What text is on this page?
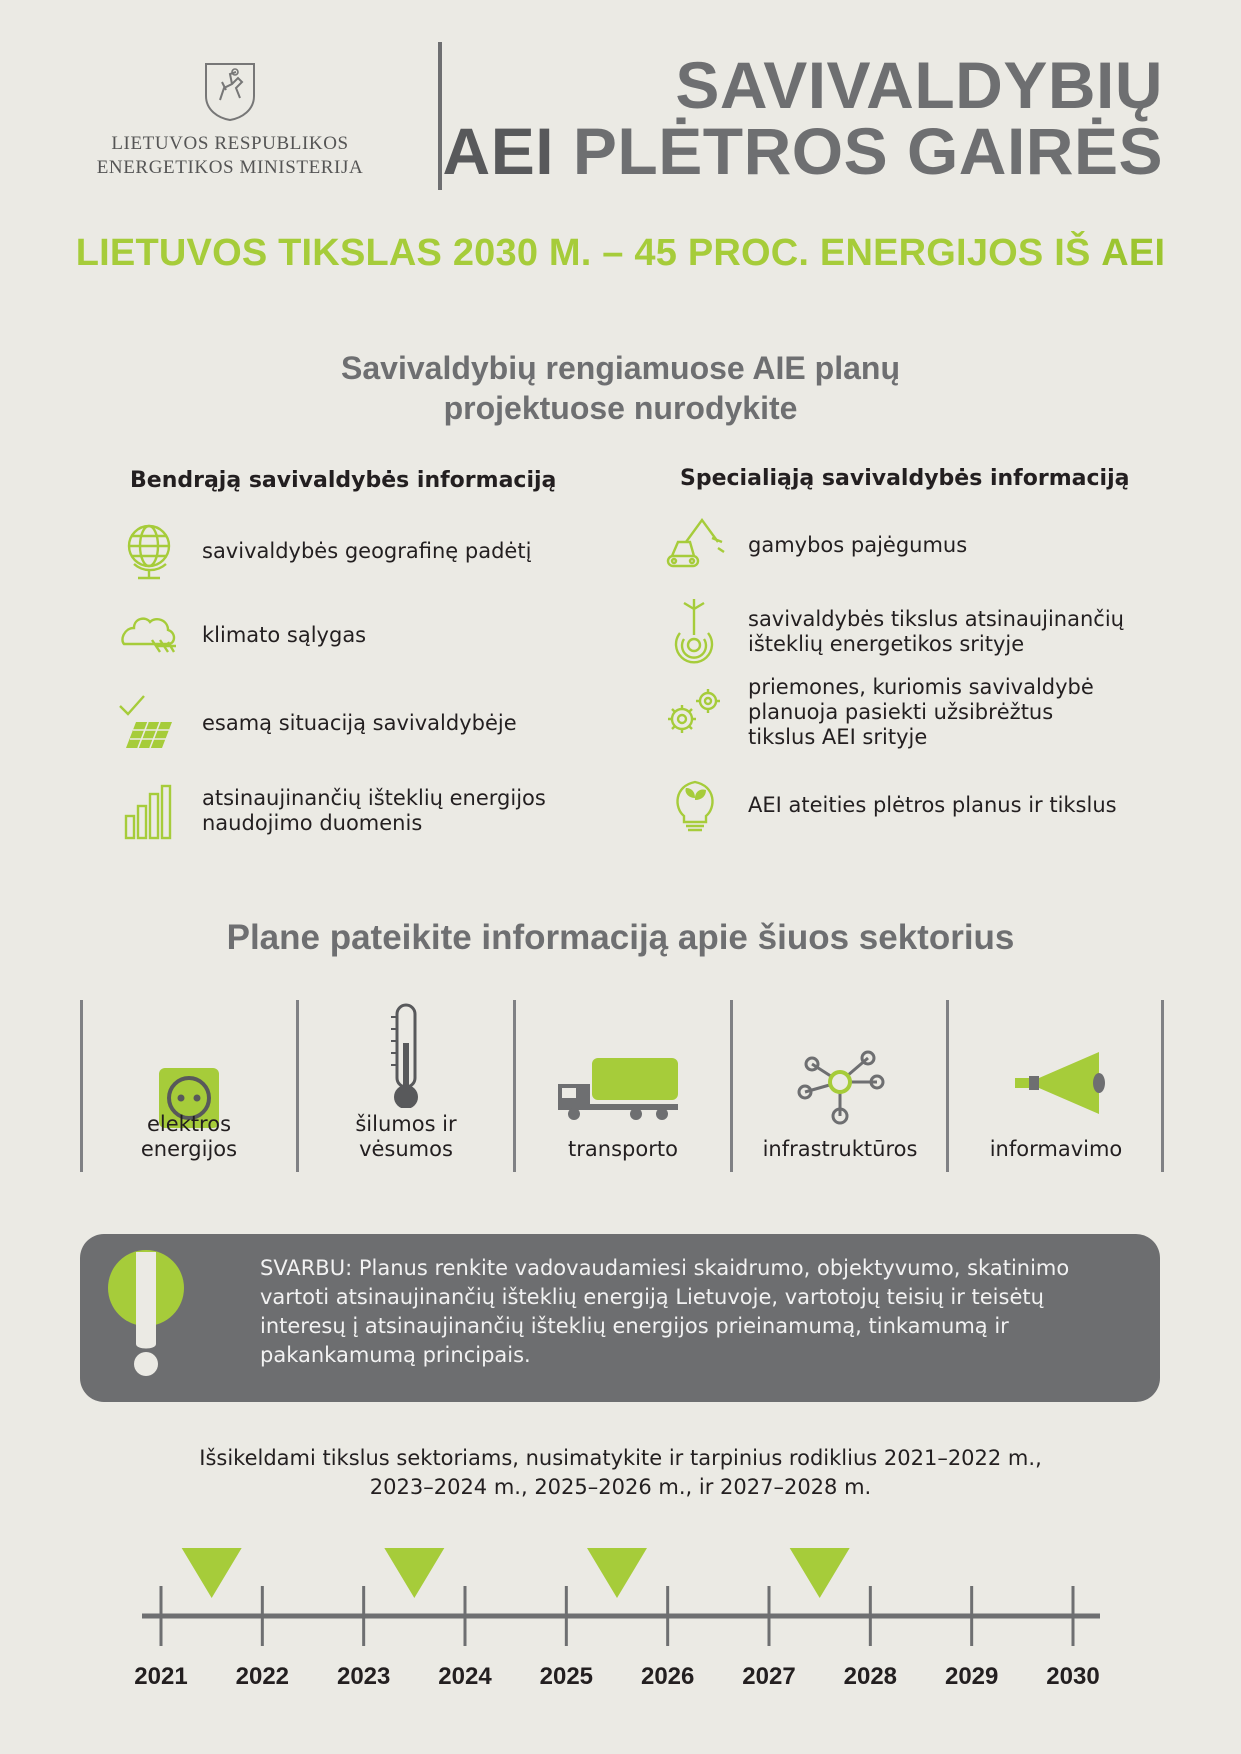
LIETUVOS RESPUBLIKOS
ENERGETIKOS MINISTERIJA
SAVIVALDYBIŲ
AEI PLĖTROS GAIRĖS
LIETUVOS TIKSLAS 2030 M. – 45 PROC. ENERGIJOS IŠ AEI
Savivaldybių rengiamuose AIE planų
projektuose nurodykite
Bendrąją savivaldybės informaciją
savivaldybės geografinę padėtį
klimato sąlygas
esamą situaciją savivaldybėje
atsinaujinančių išteklių energijos
naudojimo duomenis
Specialiąją savivaldybės informaciją
gamybos pajėgumus
savivaldybės tikslus atsinaujinančių
išteklių energetikos srityje
priemones, kuriomis savivaldybė
planuoja pasiekti užsibrėžtus
tikslus AEI srityje
AEI ateities plėtros planus ir tikslus
Plane pateikite informaciją apie šiuos sektorius
elektros
energijos
šilumos ir
vėsumos	transporto	infrastruktūros	informavimo
SVARBU: Planus renkite vadovaudamiesi skaidrumo, objektyvumo, skatinimo vartoti atsinaujinančių išteklių energiją Lietuvoje, vartotojų teisių ir teisėtų interesų į atsinaujinančių išteklių energijos prieinamumą, tinkamumą ir pakankamumą principais.
Išsikeldami tikslus sektoriams, nusimatykite ir tarpinius rodiklius 2021–2022 m.,
2023–2024 m., 2025–2026 m., ir 2027–2028 m.
2021 2022 2023 2024 2025 2026 2027 2028 2029 2030
